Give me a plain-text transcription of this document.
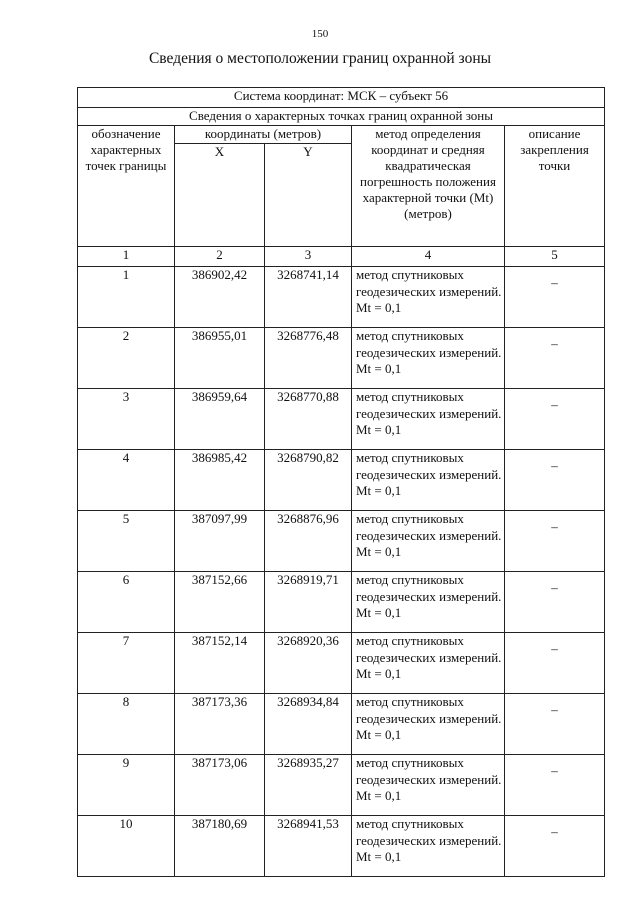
150
Сведения о местоположении границ охранной зоны
Система координат: МСК – субъект 56				
Сведения о характерных точках границ охранной зоны				
обозначение характерных точек границы	координаты (метров)		метод определения координат и средняя квадратическая погрешность положения характерной точки (Мt) (метров)	описание закрепления точки
	X	Y		
1	2	3	4	5
1	386902,42	3268741,14	метод спутниковых геодезических измерений. Mt = 0,1	–
2	386955,01	3268776,48	метод спутниковых геодезических измерений. Mt = 0,1	–
3	386959,64	3268770,88	метод спутниковых геодезических измерений. Mt = 0,1	–
4	386985,42	3268790,82	метод спутниковых геодезических измерений. Mt = 0,1	–
5	387097,99	3268876,96	метод спутниковых геодезических измерений. Mt = 0,1	–
6	387152,66	3268919,71	метод спутниковых геодезических измерений. Mt = 0,1	–
7	387152,14	3268920,36	метод спутниковых геодезических измерений. Mt = 0,1	–
8	387173,36	3268934,84	метод спутниковых геодезических измерений. Mt = 0,1	–
9	387173,06	3268935,27	метод спутниковых геодезических измерений. Mt = 0,1	–
10	387180,69	3268941,53	метод спутниковых геодезических измерений. Mt = 0,1	–
